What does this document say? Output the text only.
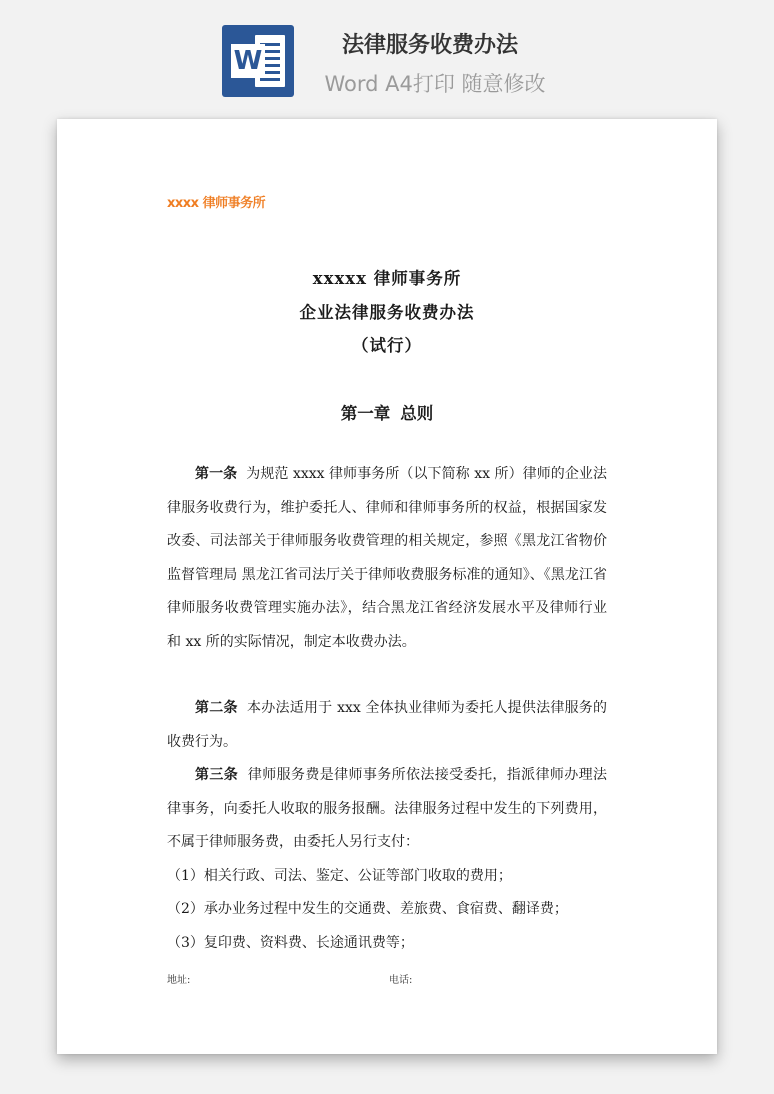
W
法律服务收费办法
Word A4打印 随意修改
xxxx 律师事务所
xxxxx 律师事务所
企业法律服务收费办法
（试行）
第一章 总则

第一条 为规范 xxxx 律师事务所（以下简称 xx 所）律师的企业法律服务收费行为，维护委托人、律师和律师事务所的权益，根据国家发改委、司法部关于律师服务收费管理的相关规定，参照《黑龙江省物价监督管理局 黑龙江省司法厅关于律师收费服务标准的通知》、《黑龙江省律师服务收费管理实施办法》，结合黑龙江省经济发展水平及律师行业和 xx 所的实际情况，制定本收费办法。

第二条 本办法适用于 xxx 全体执业律师为委托人提供法律服务的收费行为。

第三条 律师服务费是律师事务所依法接受委托，指派律师办理法律事务，向委托人收取的服务报酬。法律服务过程中发生的下列费用，不属于律师服务费，由委托人另行支付：

（1）相关行政、司法、鉴定、公证等部门收取的费用；

（2）承办业务过程中发生的交通费、差旅费、食宿费、翻译费；

（3）复印费、资料费、长途通讯费等；

地址:	电话:
